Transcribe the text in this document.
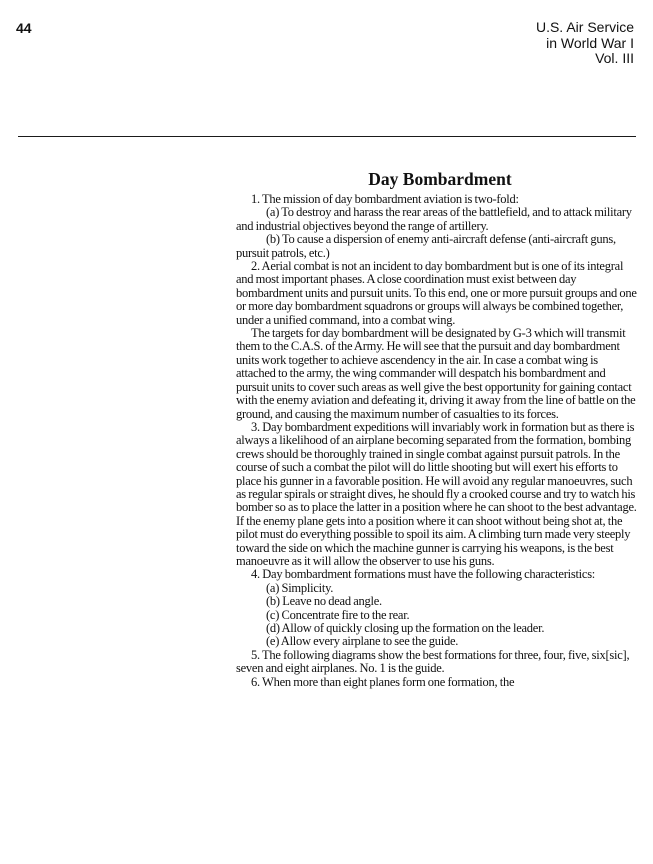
44	U.S. Air Service
in World War I
Vol. III
Day Bombardment

1. The mission of day bombardment aviation is two-fold:

(a) To destroy and harass the rear areas of the battlefield, and to attack military and industrial objectives beyond the range of artillery.

(b) To cause a dispersion of enemy anti-aircraft defense (anti-aircraft guns, pursuit patrols, etc.)

2. Aerial combat is not an incident to day bombardment but is one of its integral and most important phases. A close coordination must exist between day bombardment units and pursuit units. To this end, one or more pursuit groups and one or more day bombardment squadrons or groups will always be combined together, under a unified command, into a combat wing.

The targets for day bombardment will be designated by G-3 which will transmit them to the C.A.S. of the Army. He will see that the pursuit and day bombardment units work together to achieve ascendency in the air. In case a combat wing is attached to the army, the wing commander will despatch his bombardment and pursuit units to cover such areas as well give the best opportunity for gaining contact with the enemy aviation and defeating it, driving it away from the line of battle on the ground, and causing the maximum number of casualties to its forces.

3. Day bombardment expeditions will invariably work in formation but as there is always a likelihood of an airplane becoming separated from the formation, bombing crews should be thoroughly trained in single combat against pursuit patrols. In the course of such a combat the pilot will do little shooting but will exert his efforts to place his gunner in a favorable position. He will avoid any regular manoeuvres, such as regular spirals or straight dives, he should fly a crooked course and try to watch his bomber so as to place the latter in a position where he can shoot to the best advantage. If the enemy plane gets into a position where it can shoot without being shot at, the pilot must do everything possible to spoil its aim. A climbing turn made very steeply toward the side on which the machine gunner is carrying his weapons, is the best manoeuvre as it will allow the observer to use his guns.

4. Day bombardment formations must have the following characteristics:

(a) Simplicity.

(b) Leave no dead angle.

(c) Concentrate fire to the rear.

(d) Allow of quickly closing up the formation on the leader.

(e) Allow every airplane to see the guide.

5. The following diagrams show the best formations for three, four, five, six[sic], seven and eight airplanes. No. 1 is the guide.

6. When more than eight planes form one formation, the
